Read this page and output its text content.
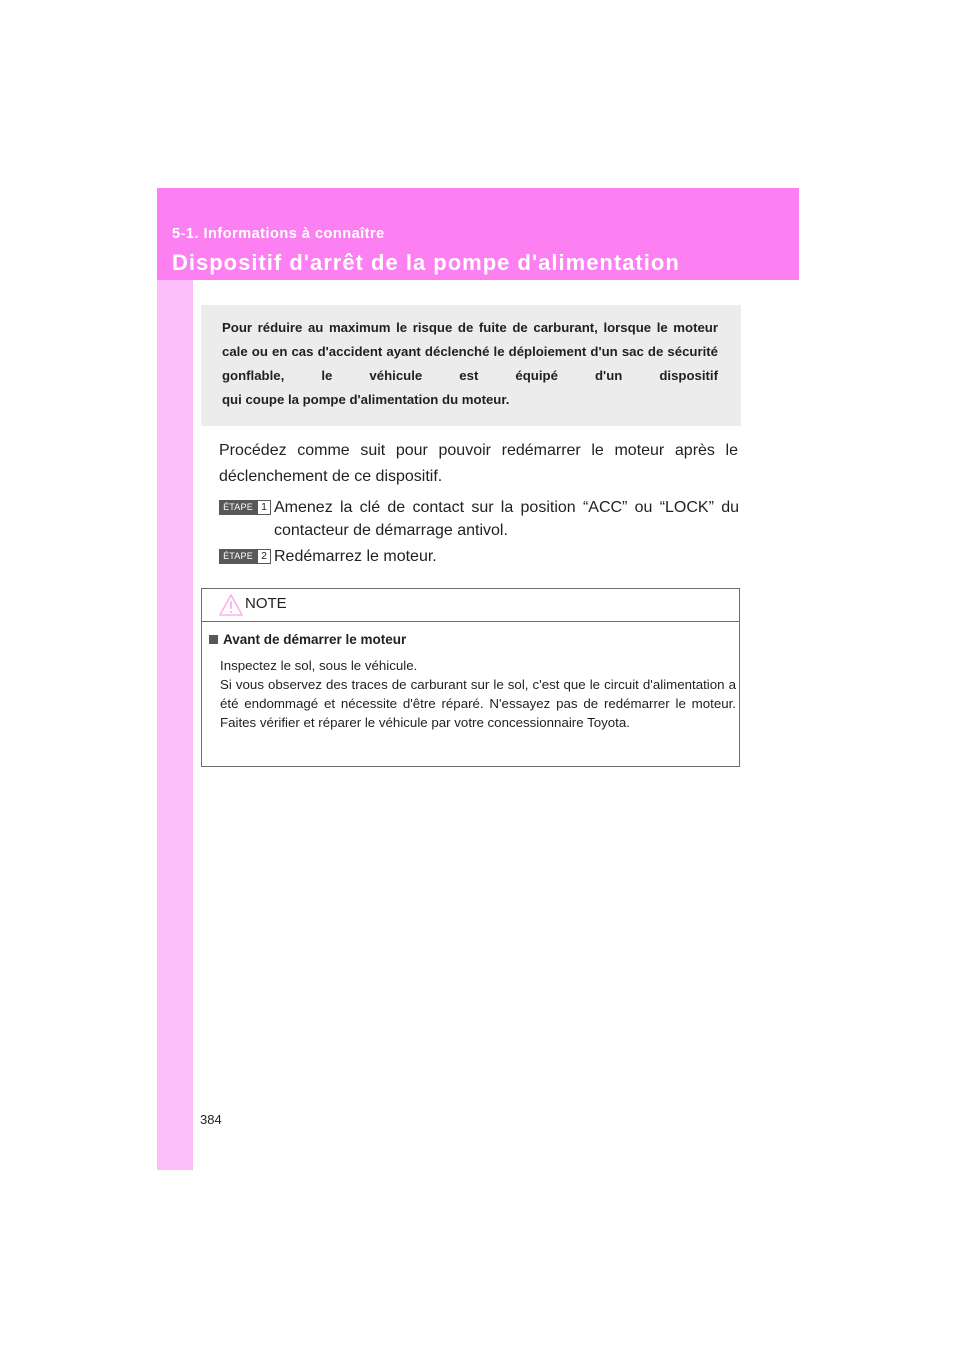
5-1. Informations à connaître
Dispositif d'arrêt de la pompe d'alimentation
Pour réduire au maximum le risque de fuite de carburant, lorsque le moteur cale ou en cas d'accident ayant déclenché le déploiement d'un sac de sécurité gonflable, le véhicule est équipé d'un dispositif
qui coupe la pompe d'alimentation du moteur.
Procédez comme suit pour pouvoir redémarrer le moteur après le déclenchement de ce dispositif.
ÉTAPE 1 Amenez la clé de contact sur la position “ACC” ou “LOCK” du contacteur de démarrage antivol.
ÉTAPE 2 Redémarrez le moteur.
NOTE
Avant de démarrer le moteur
Inspectez le sol, sous le véhicule.
Si vous observez des traces de carburant sur le sol, c'est que le circuit d'alimentation a été endommagé et nécessite d'être réparé. N'essayez pas de redémarrer le moteur. Faites vérifier et réparer le véhicule par votre concessionnaire Toyota.
384
